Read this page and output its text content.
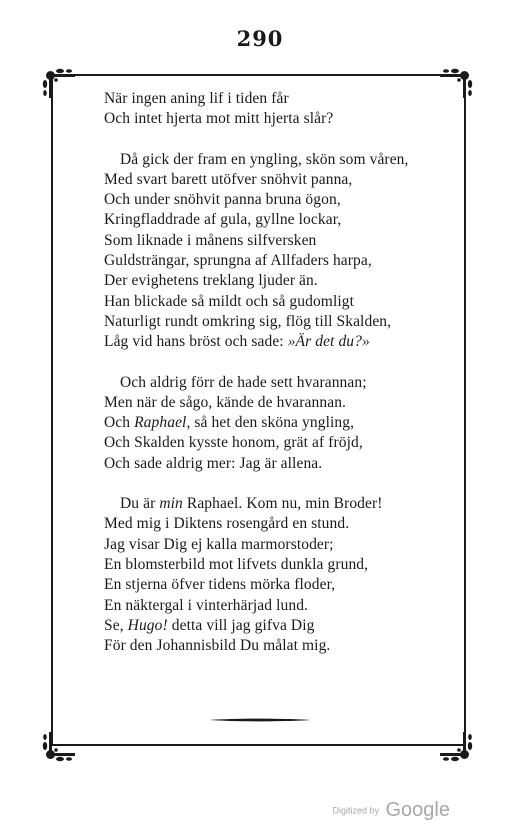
290
När ingen aning lif i tiden får
Och intet hjerta mot mitt hjerta slår?
Då gick der fram en yngling, skön som våren,
Med svart barett utöfver snöhvit panna,
Och under snöhvit panna bruna ögon,
Kringfladdrade af gula, gyllne lockar,
Som liknade i månens silfversken
Guldsträngar, sprungna af Allfaders harpa,
Der evighetens treklang ljuder än.
Han blickade så mildt och så gudomligt
Naturligt rundt omkring sig, flög till Skalden,
Låg vid hans bröst och sade: »Är det du?»
Och aldrig förr de hade sett hvarannan;
Men när de sågo, kände de hvarannan.
Och Raphael, så het den sköna yngling,
Och Skalden kysste honom, grät af fröjd,
Och sade aldrig mer: Jag är allena.
Du är min Raphael. Kom nu, min Broder!
Med mig i Diktens rosengård en stund.
Jag visar Dig ej kalla marmorstoder;
En blomsterbild mot lifvets dunkla grund,
En stjerna öfver tidens mörka floder,
En näktergal i vinterhärjad lund.
Se, Hugo! detta vill jag gifva Dig
För den Johannisbild Du målat mig.
Digitized by Google
